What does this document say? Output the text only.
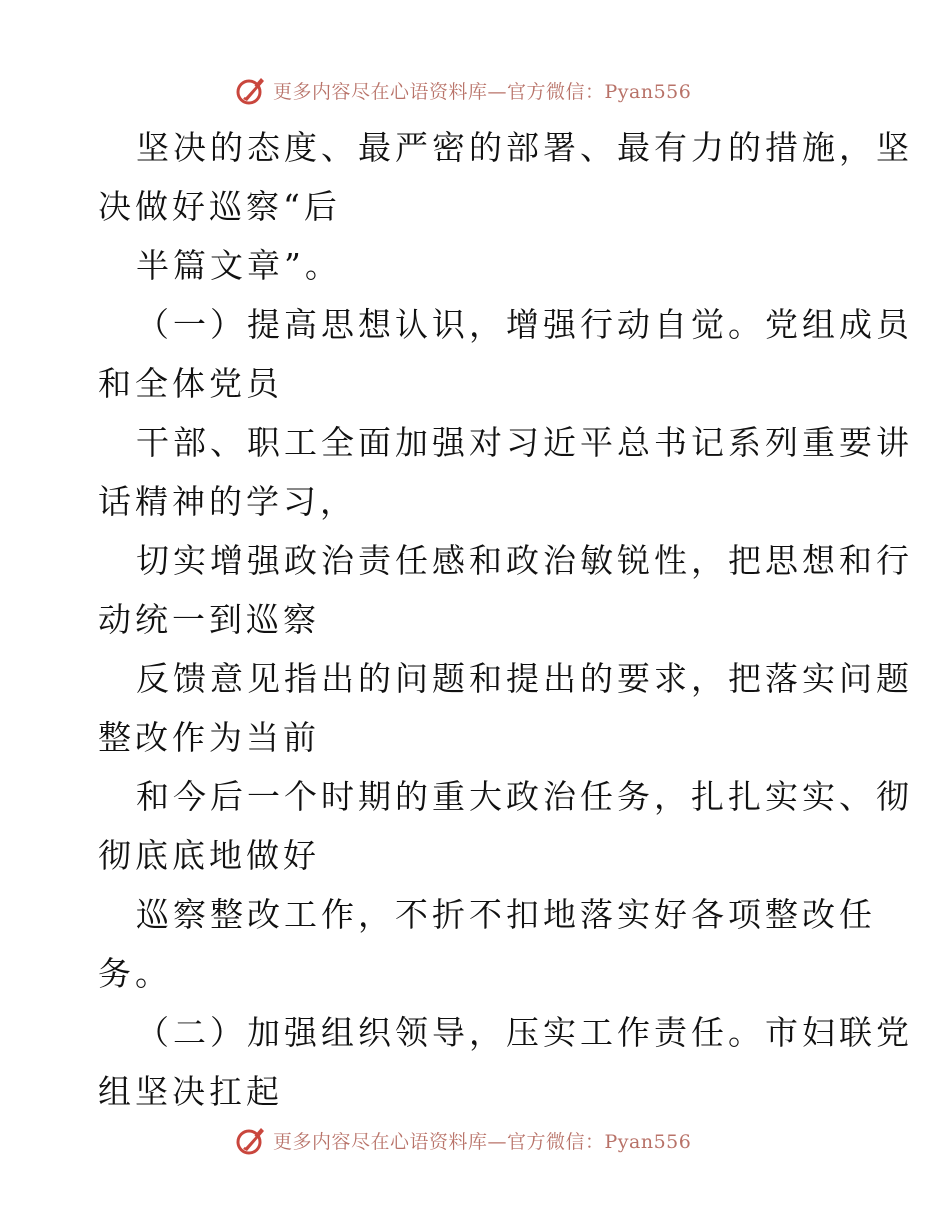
更多内容尽在心语资料库—官方微信：Pyan556
坚决的态度、最严密的部署、最有力的措施，坚
决做好巡察“后
半篇文章”。
（一）提高思想认识，增强行动自觉。党组成员
和全体党员
干部、职工全面加强对习近平总书记系列重要讲
话精神的学习，
切实增强政治责任感和政治敏锐性，把思想和行
动统一到巡察
反馈意见指出的问题和提出的要求，把落实问题
整改作为当前
和今后一个时期的重大政治任务，扎扎实实、彻
彻底底地做好
巡察整改工作，不折不扣地落实好各项整改任
务。
（二）加强组织领导，压实工作责任。市妇联党
组坚决扛起
更多内容尽在心语资料库—官方微信：Pyan556
